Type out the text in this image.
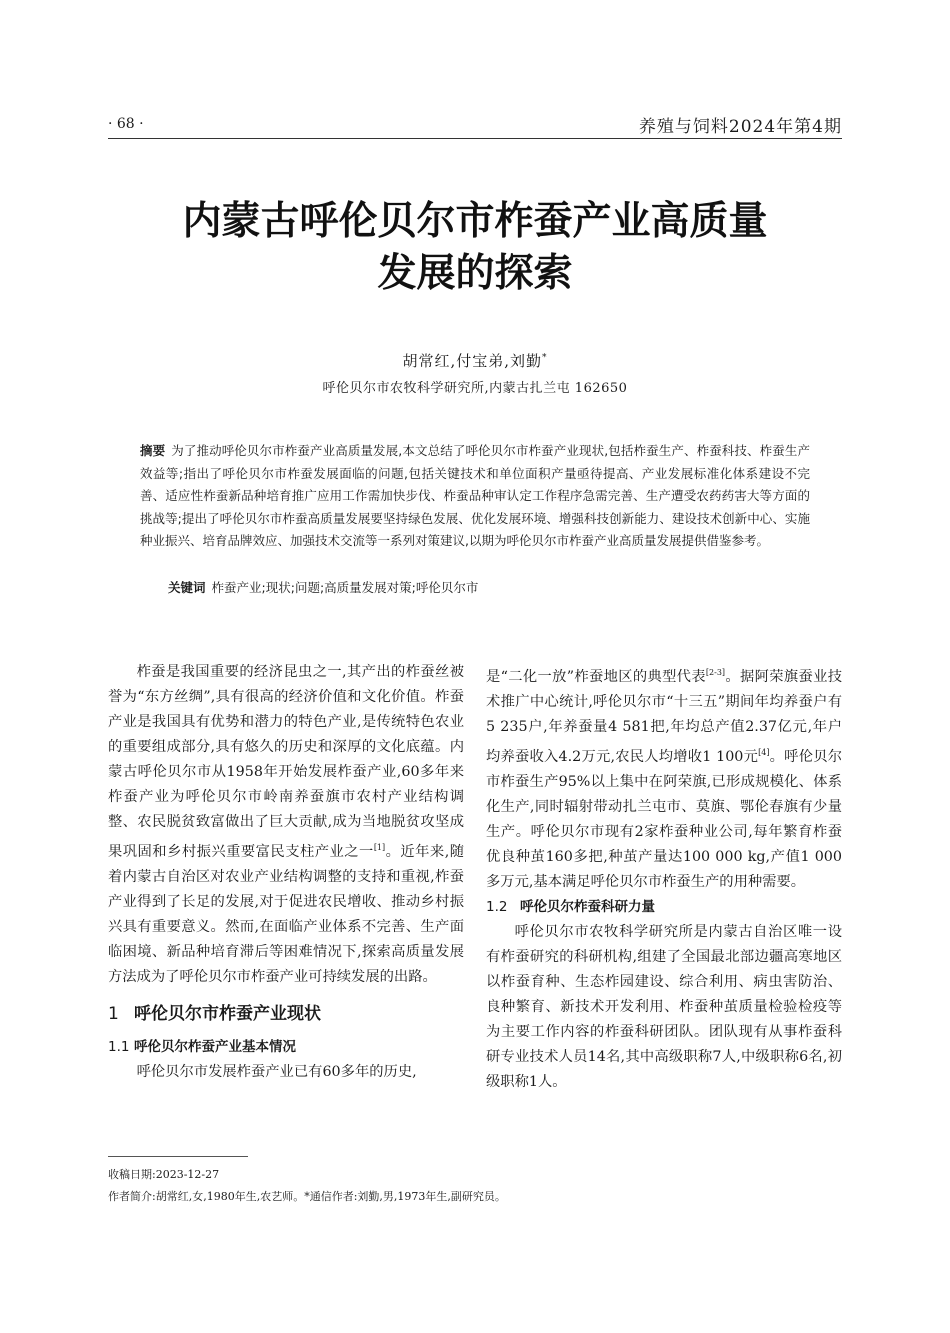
· 68 ·	养殖与饲料2024年第4期
内蒙古呼伦贝尔市柞蚕产业高质量
发展的探索
胡常红,付宝弟,刘勤*
呼伦贝尔市农牧科学研究所,内蒙古扎兰屯 162650
摘要 为了推动呼伦贝尔市柞蚕产业高质量发展,本文总结了呼伦贝尔市柞蚕产业现状,包括柞蚕生产、柞蚕科技、柞蚕生产效益等;指出了呼伦贝尔市柞蚕发展面临的问题,包括关键技术和单位面积产量亟待提高、产业发展标准化体系建设不完善、适应性柞蚕新品种培育推广应用工作需加快步伐、柞蚕品种审认定工作程序急需完善、生产遭受农药药害大等方面的挑战等;提出了呼伦贝尔市柞蚕高质量发展要坚持绿色发展、优化发展环境、增强科技创新能力、建设技术创新中心、实施种业振兴、培育品牌效应、加强技术交流等一系列对策建议,以期为呼伦贝尔市柞蚕产业高质量发展提供借鉴参考。
关键词 柞蚕产业;现状;问题;高质量发展对策;呼伦贝尔市

柞蚕是我国重要的经济昆虫之一,其产出的柞蚕丝被誉为“东方丝绸”,具有很高的经济价值和文化价值。柞蚕产业是我国具有优势和潜力的特色产业,是传统特色农业的重要组成部分,具有悠久的历史和深厚的文化底蕴。内蒙古呼伦贝尔市从1958年开始发展柞蚕产业,60多年来柞蚕产业为呼伦贝尔市岭南养蚕旗市农村产业结构调整、农民脱贫致富做出了巨大贡献,成为当地脱贫攻坚成果巩固和乡村振兴重要富民支柱产业之一[1]。近年来,随着内蒙古自治区对农业产业结构调整的支持和重视,柞蚕产业得到了长足的发展,对于促进农民增收、推动乡村振兴具有重要意义。然而,在面临产业体系不完善、生产面临困境、新品种培育滞后等困难情况下,探索高质量发展方法成为了呼伦贝尔市柞蚕产业可持续发展的出路。

1 呼伦贝尔市柞蚕产业现状
1.1 呼伦贝尔柞蚕产业基本情况

呼伦贝尔市发展柞蚕产业已有60多年的历史,

是“二化一放”柞蚕地区的典型代表[2-3]。据阿荣旗蚕业技术推广中心统计,呼伦贝尔市“十三五”期间年均养蚕户有5 235户,年养蚕量4 581把,年均总产值2.37亿元,年户均养蚕收入4.2万元,农民人均增收1 100元[4]。呼伦贝尔市柞蚕生产95%以上集中在阿荣旗,已形成规模化、体系化生产,同时辐射带动扎兰屯市、莫旗、鄂伦春旗有少量生产。呼伦贝尔市现有2家柞蚕种业公司,每年繁育柞蚕优良种茧160多把,种茧产量达100 000 kg,产值1 000多万元,基本满足呼伦贝尔市柞蚕生产的用种需要。

1.2 呼伦贝尔柞蚕科研力量

呼伦贝尔市农牧科学研究所是内蒙古自治区唯一设有柞蚕研究的科研机构,组建了全国最北部边疆高寒地区以柞蚕育种、生态柞园建设、综合利用、病虫害防治、良种繁育、新技术开发利用、柞蚕种茧质量检验检疫等为主要工作内容的柞蚕科研团队。团队现有从事柞蚕科研专业技术人员14名,其中高级职称7人,中级职称6名,初级职称1人。

收稿日期:2023-12-27
作者简介:胡常红,女,1980年生,农艺师。*通信作者:刘勤,男,1973年生,副研究员。
